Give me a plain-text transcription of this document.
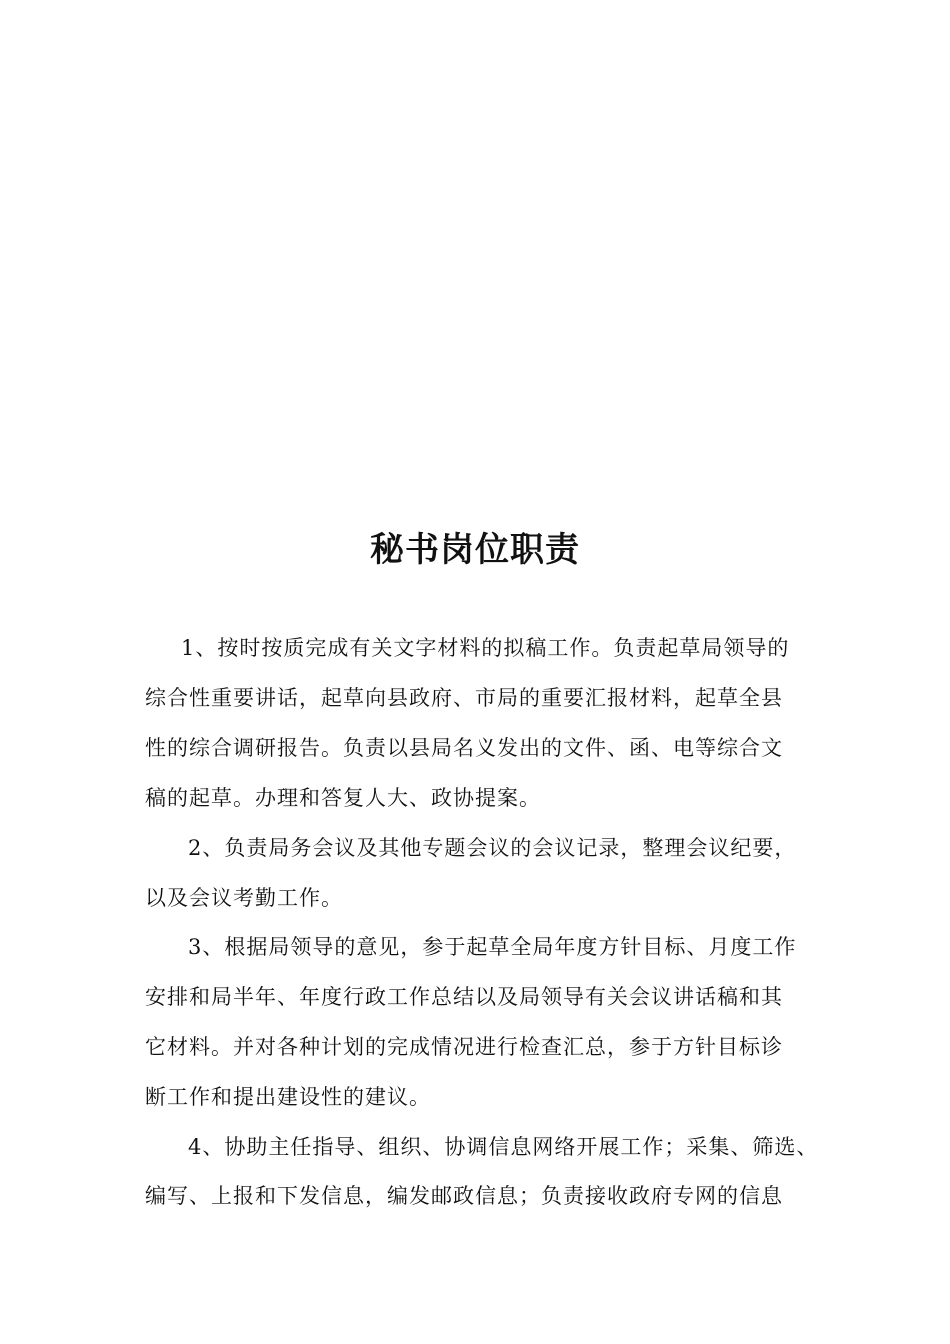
秘书岗位职责
1、按时按质完成有关文字材料的拟稿工作。负责起草局领导的
综合性重要讲话，起草向县政府、市局的重要汇报材料，起草全县
性的综合调研报告。负责以县局名义发出的文件、函、电等综合文
稿的起草。办理和答复人大、政协提案。
2、负责局务会议及其他专题会议的会议记录，整理会议纪要，
以及会议考勤工作。
3、根据局领导的意见，参于起草全局年度方针目标、月度工作
安排和局半年、年度行政工作总结以及局领导有关会议讲话稿和其
它材料。并对各种计划的完成情况进行检查汇总，参于方针目标诊
断工作和提出建设性的建议。
4、协助主任指导、组织、协调信息网络开展工作；采集、筛选、
编写、上报和下发信息，编发邮政信息；负责接收政府专网的信息
